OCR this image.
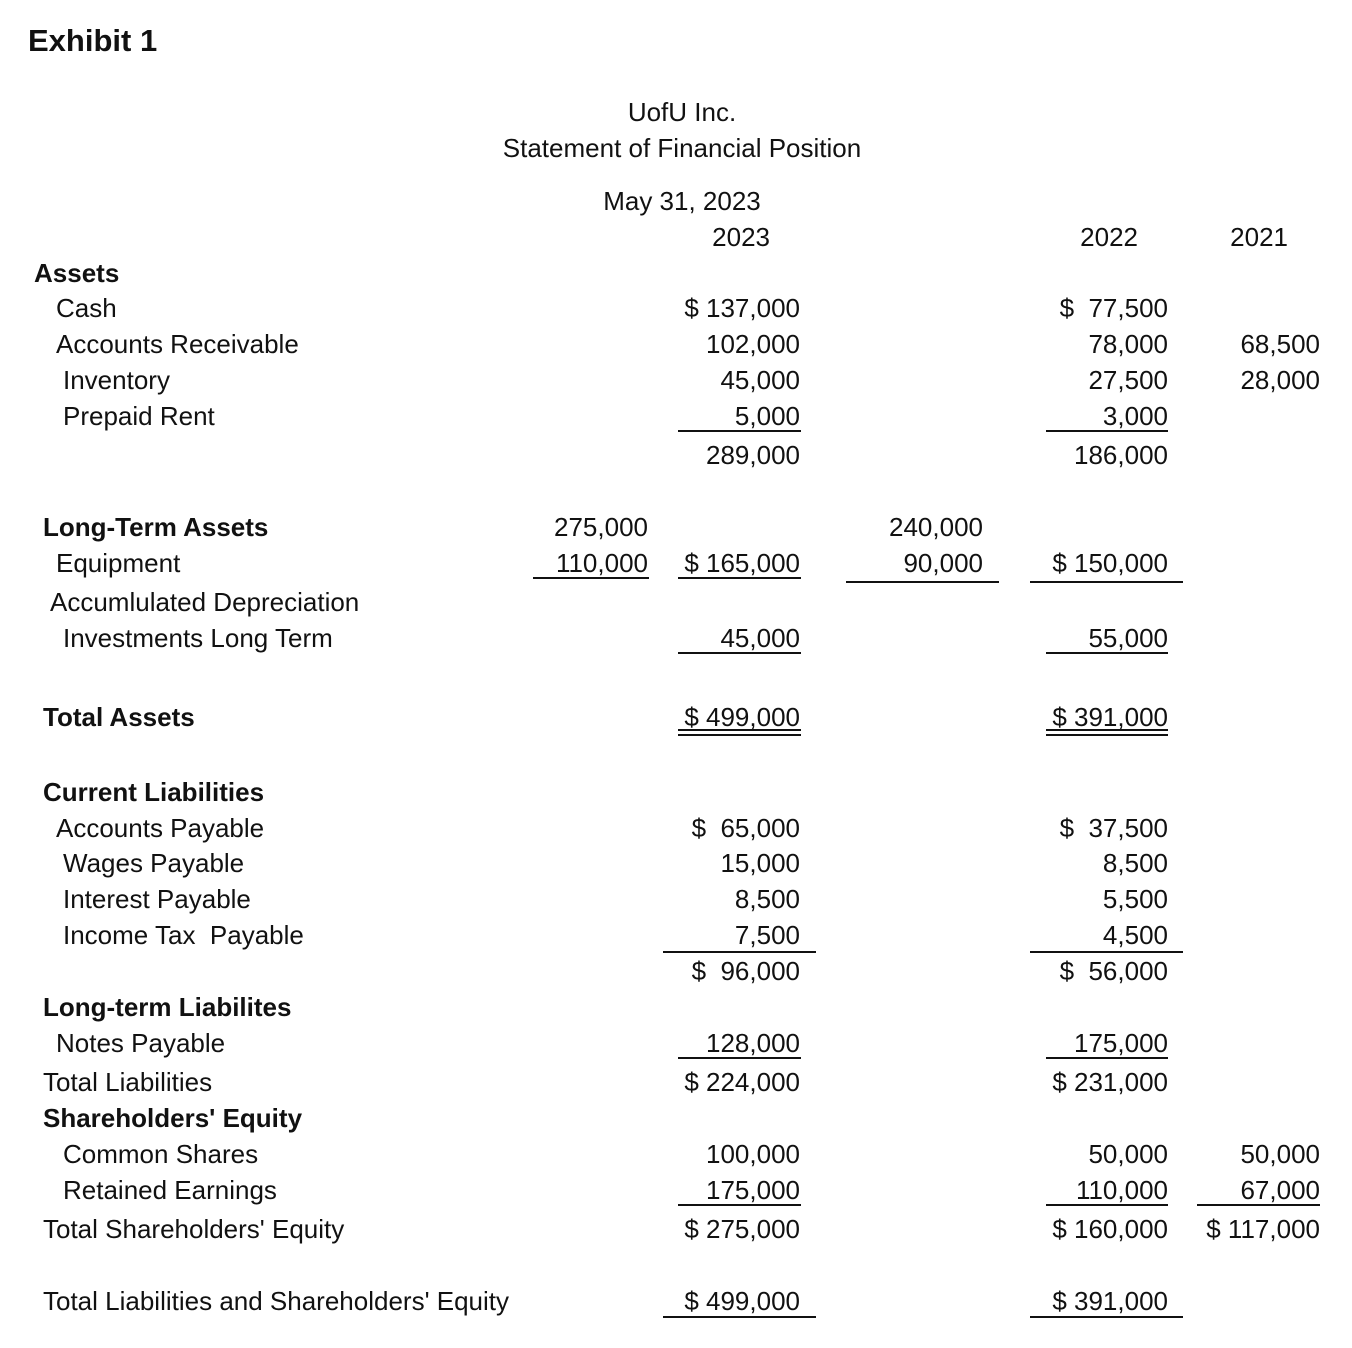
Exhibit 1
UofU Inc.
Statement of Financial Position
May 31, 2023
2023	2022	2021
Assets
Cash	$ 137,000	$  77,500
Accounts Receivable	102,000	78,000	68,500
Inventory	45,000	27,500	28,000
Prepaid Rent	5,000	3,000
289,000	186,000
Long-Term Assets	275,000	240,000
Equipment	110,000	$ 165,000	90,000	$ 150,000
Accumlulated Depreciation
Investments Long Term	45,000	55,000
Total Assets	$ 499,000	$ 391,000
Current Liabilities
Accounts Payable	$  65,000	$  37,500
Wages Payable	15,000	8,500
Interest Payable	8,500	5,500
Income Tax  Payable	7,500	4,500
$  96,000	$  56,000
Long-term Liabilites
Notes Payable	128,000	175,000
Total Liabilities	$ 224,000	$ 231,000
Shareholders' Equity
Common Shares	100,000	50,000	50,000
Retained Earnings	175,000	110,000	67,000
Total Shareholders' Equity	$ 275,000	$ 160,000	$ 117,000
Total Liabilities and Shareholders' Equity	$ 499,000	$ 391,000
